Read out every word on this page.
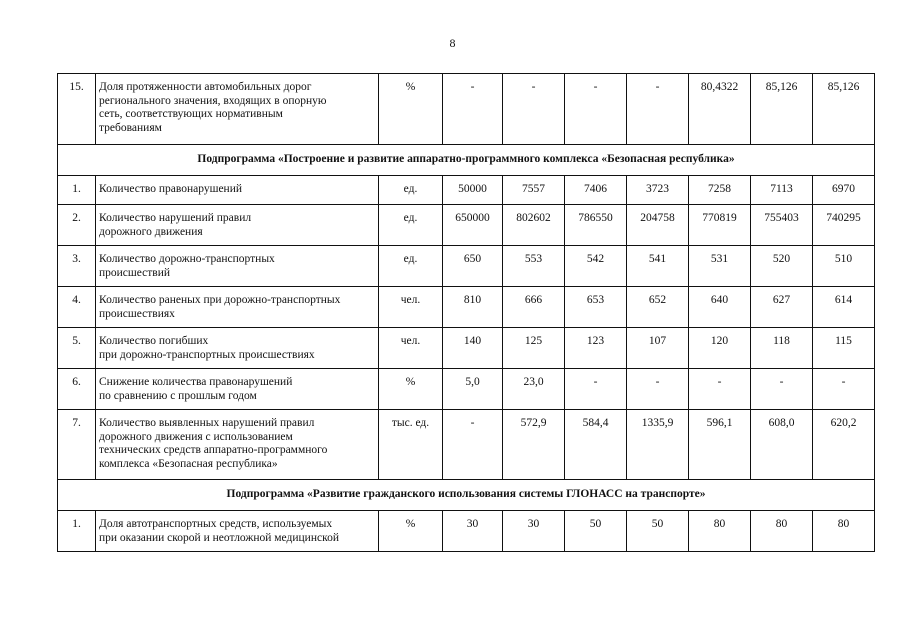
8
15.	Доля протяженности автомобильных дорог
регионального значения, входящих в опорную
сеть, соответствующих нормативным
требованиям	%	-	-	-	-	80,4322	85,126	85,126
Подпрограмма «Построение и развитие аппаратно-программного комплекса «Безопасная республика»									
1.	Количество правонарушений	ед.	50000	7557	7406	3723	7258	7113	6970
2.	Количество нарушений правил
дорожного движения	ед.	650000	802602	786550	204758	770819	755403	740295
3.	Количество дорожно-транспортных
происшествий	ед.	650	553	542	541	531	520	510
4.	Количество раненых при дорожно-транспортных
происшествиях	чел.	810	666	653	652	640	627	614
5.	Количество погибших
при дорожно-транспортных происшествиях	чел.	140	125	123	107	120	118	115
6.	Снижение количества правонарушений
по сравнению с прошлым годом	%	5,0	23,0	-	-	-	-	-
7.	Количество выявленных нарушений правил
дорожного движения с использованием
технических средств аппаратно-программного
комплекса «Безопасная республика»	тыс. ед.	-	572,9	584,4	1335,9	596,1	608,0	620,2
Подпрограмма «Развитие гражданского использования системы ГЛОНАСС на транспорте»									
1.	Доля автотранспортных средств, используемых
при оказании скорой и неотложной медицинской	%	30	30	50	50	80	80	80
